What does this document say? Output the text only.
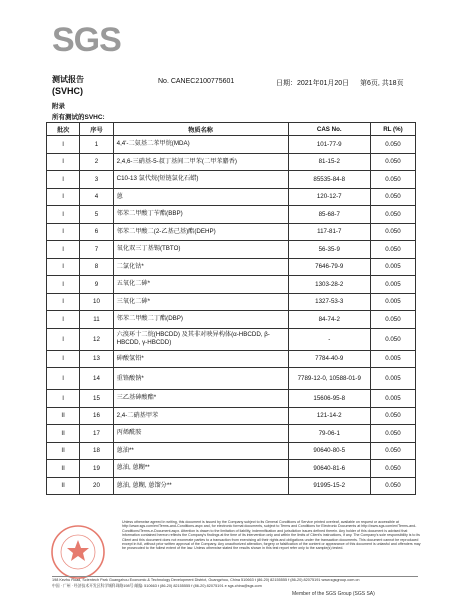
SGS
测试报告
(SVHC)
No. CANEC2100775601	日期：2021年01月20日 第6页, 共18页
附录
所有测试的SVHC:
批次	序号	物质名称	CAS No.	RL (%)
I	1	4,4'-二氨基二苯甲烷(MDA)	101-77-9	0.050
I	2	2,4,6-三硝基-5-叔丁基间二甲苯(二甲苯麝香)	81-15-2	0.050
I	3	C10-13 氯代烷(短链氯化石蜡)	85535-84-8	0.050
I	4	蒽	120-12-7	0.050
I	5	邻苯二甲酸丁苄酯(BBP)	85-68-7	0.050
I	6	邻苯二甲酸二(2-乙基己基)酯(DEHP)	117-81-7	0.050
I	7	氧化双三丁基锡(TBTO)	56-35-9	0.050
I	8	二氯化钴*	7646-79-9	0.005
I	9	五氧化二砷*	1303-28-2	0.005
I	10	三氧化二砷*	1327-53-3	0.005
I	11	邻苯二甲酸二丁酯(DBP)	84-74-2	0.050
I	12	六溴环十二烷(HBCDD) 及其非对映异构体(α-HBCDD, β-HBCDD, γ-HBCDD)	-	0.050
I	13	砷酸氢铅*	7784-40-9	0.005
I	14	重铬酸钠*	7789-12-0, 10588-01-9	0.005
I	15	三乙基砷酸酯*	15606-95-8	0.005
II	16	2,4-二硝基甲苯	121-14-2	0.050
II	17	丙烯酰胺	79-06-1	0.050
II	18	蒽油**	90640-80-5	0.050
II	19	蒽油, 蒽糊**	90640-81-6	0.050
II	20	蒽油, 蒽糊, 蒽馏分**	91995-15-2	0.050
Unless otherwise agreed in writing, this document is issued by the Company subject to its General Conditions of Service printed overleaf, available on request or accessible at http://www.sgs.com/en/Terms-and-Conditions.aspx and, for electronic format documents, subject to Terms and Conditions for Electronic Documents at http://www.sgs.com/en/Terms-and-Conditions/Terms-e-Document.aspx. Attention is drawn to the limitation of liability, indemnification and jurisdiction issues defined therein. Any holder of this document is advised that information contained hereon reflects the Company's findings at the time of its intervention only and within the limits of Client's instructions, if any. The Company's sole responsibility is to its Client and this document does not exonerate parties to a transaction from exercising all their rights and obligations under the transaction documents. This document cannot be reproduced except in full, without prior written approval of the Company. Any unauthorized alteration, forgery or falsification of the content or appearance of this document is unlawful and offenders may be prosecuted to the fullest extent of the law. Unless otherwise stated the results shown in this test report refer only to the sample(s) tested.
198 Kezhu Road, Scientech Park Guangzhou Economic & Technology Development District, Guangzhou, China 510663 t (86-20) 82155555 f (86-20) 82075191 www.sgsgroup.com.cn
中国 · 广州 · 经济技术开发区科学城科珠路198号 邮编: 510663 t (86-20) 82155555 f (86-20) 82075191 e sgs.china@sgs.com
Member of the SGS Group (SGS SA)
